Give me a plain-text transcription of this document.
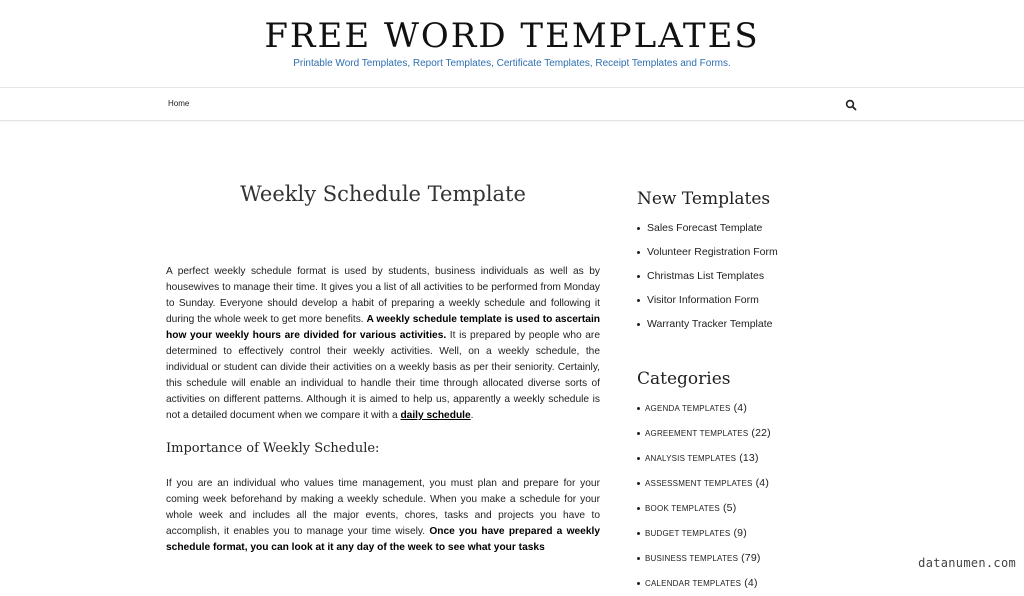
FREE WORD TEMPLATES
Printable Word Templates, Report Templates, Certificate Templates, Receipt Templates and Forms.
Home
Weekly Schedule Template

A perfect weekly schedule format is used by students, business individuals as well as by housewives to manage their time. It gives you a list of all activities to be performed from Monday to Sunday. Everyone should develop a habit of preparing a weekly schedule and following it during the whole week to get more benefits. A weekly schedule template is used to ascertain how your weekly hours are divided for various activities. It is prepared by people who are determined to effectively control their weekly activities. Well, on a weekly schedule, the individual or student can divide their activities on a weekly basis as per their seniority. Certainly, this schedule will enable an individual to handle their time through allocated diverse sorts of activities on different patterns. Although it is aimed to help us, apparently a weekly schedule is not a detailed document when we compare it with a daily schedule.

Importance of Weekly Schedule:

If you are an individual who values time management, you must plan and prepare for your coming week beforehand by making a weekly schedule. When you make a schedule for your whole week and includes all the major events, chores, tasks and projects you have to accomplish, it enables you to manage your time wisely. Once you have prepared a weekly schedule format, you can look at it any day of the week to see what your tasks

New Templates
Sales Forecast Template
Volunteer Registration Form
Christmas List Templates
Visitor Information Form
Warranty Tracker Template
Categories
AGENDA TEMPLATES (4)
AGREEMENT TEMPLATES (22)
ANALYSIS TEMPLATES (13)
ASSESSMENT TEMPLATES (4)
BOOK TEMPLATES (5)
BUDGET TEMPLATES (9)
BUSINESS TEMPLATES (79)
CALENDAR TEMPLATES (4)
datanumen.com
